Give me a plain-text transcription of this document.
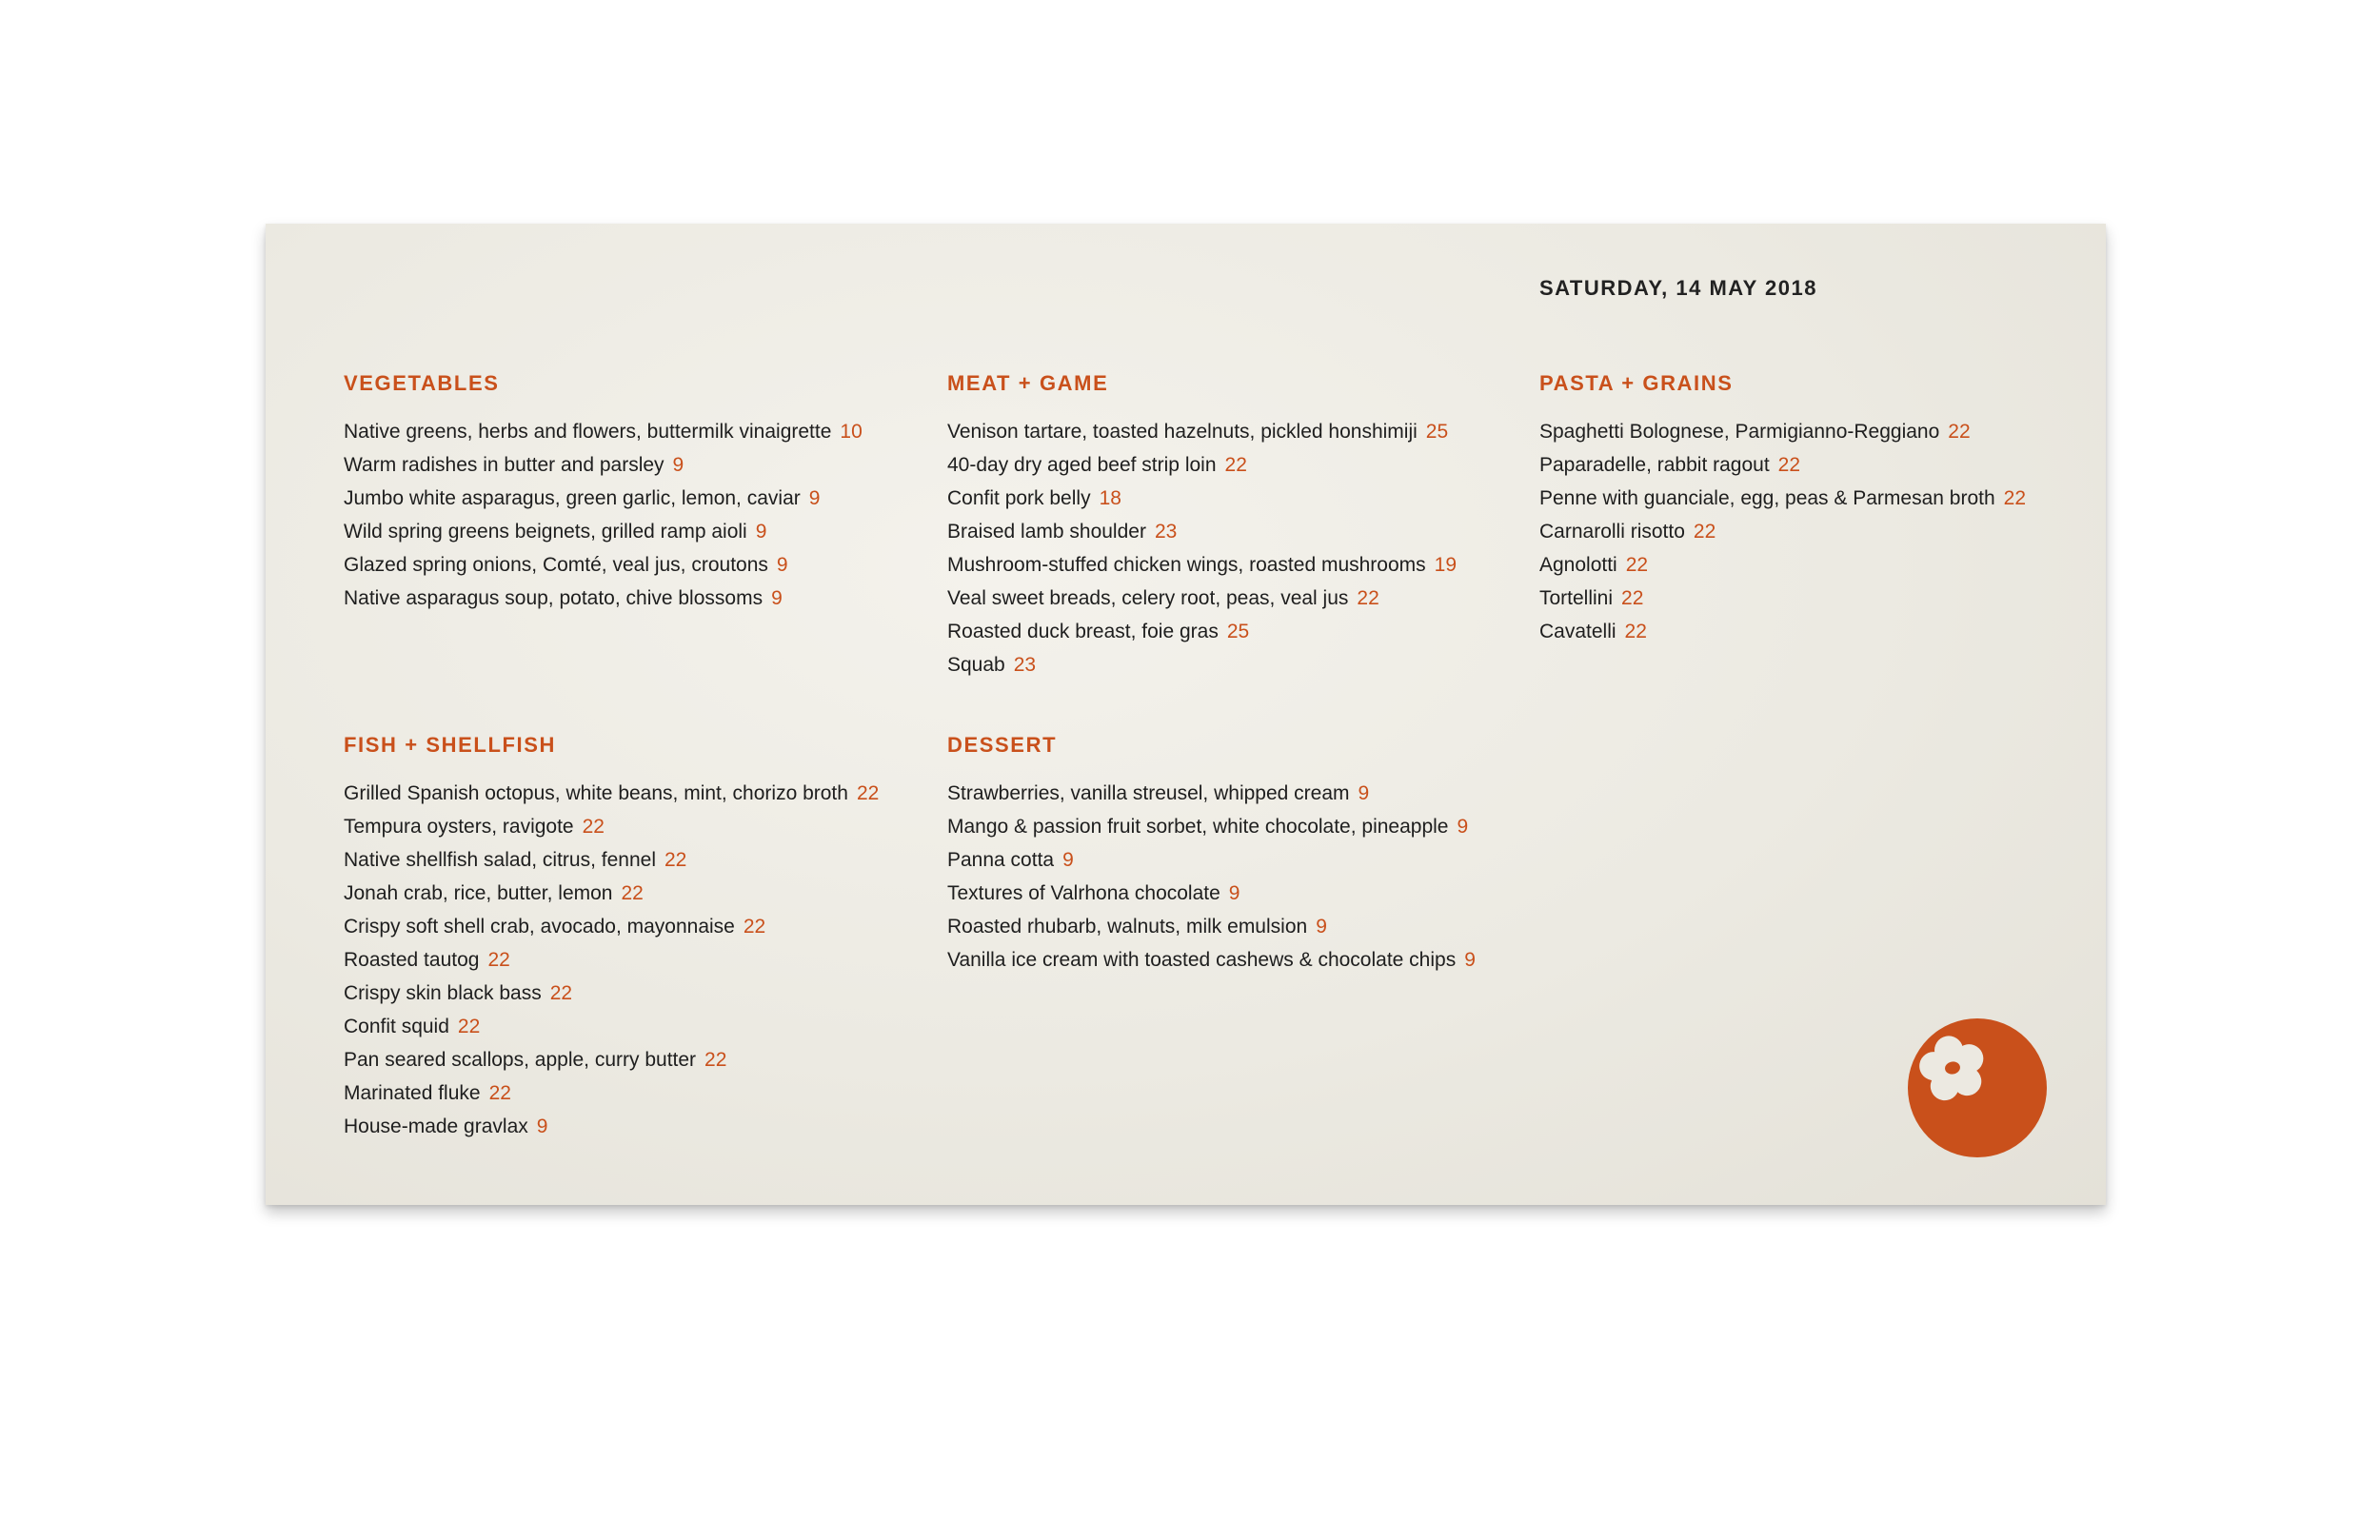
SATURDAY, 14 MAY 2018
VEGETABLES
Native greens, herbs and flowers, buttermilk vinaigrette 10
Warm radishes in butter and parsley 9
Jumbo white asparagus, green garlic, lemon, caviar 9
Wild spring greens beignets, grilled ramp aioli 9
Glazed spring onions, Comté, veal jus, croutons 9
Native asparagus soup, potato, chive blossoms 9
MEAT + GAME
Venison tartare, toasted hazelnuts, pickled honshimiji 25
40-day dry aged beef strip loin 22
Confit pork belly 18
Braised lamb shoulder 23
Mushroom-stuffed chicken wings, roasted mushrooms 19
Veal sweet breads, celery root, peas, veal jus 22
Roasted duck breast, foie gras 25
Squab 23
PASTA + GRAINS
Spaghetti Bolognese, Parmigianno-Reggiano 22
Paparadelle, rabbit ragout 22
Penne with guanciale, egg, peas & Parmesan broth 22
Carnarolli risotto 22
Agnolotti 22
Tortellini 22
Cavatelli 22
FISH + SHELLFISH
Grilled Spanish octopus, white beans, mint, chorizo broth 22
Tempura oysters, ravigote 22
Native shellfish salad, citrus, fennel 22
Jonah crab, rice, butter, lemon 22
Crispy soft shell crab, avocado, mayonnaise 22
Roasted tautog 22
Crispy skin black bass 22
Confit squid 22
Pan seared scallops, apple, curry butter 22
Marinated fluke 22
House-made gravlax 9
DESSERT
Strawberries, vanilla streusel, whipped cream 9
Mango & passion fruit sorbet, white chocolate, pineapple 9
Panna cotta 9
Textures of Valrhona chocolate 9
Roasted rhubarb, walnuts, milk emulsion 9
Vanilla ice cream with toasted cashews & chocolate chips 9
